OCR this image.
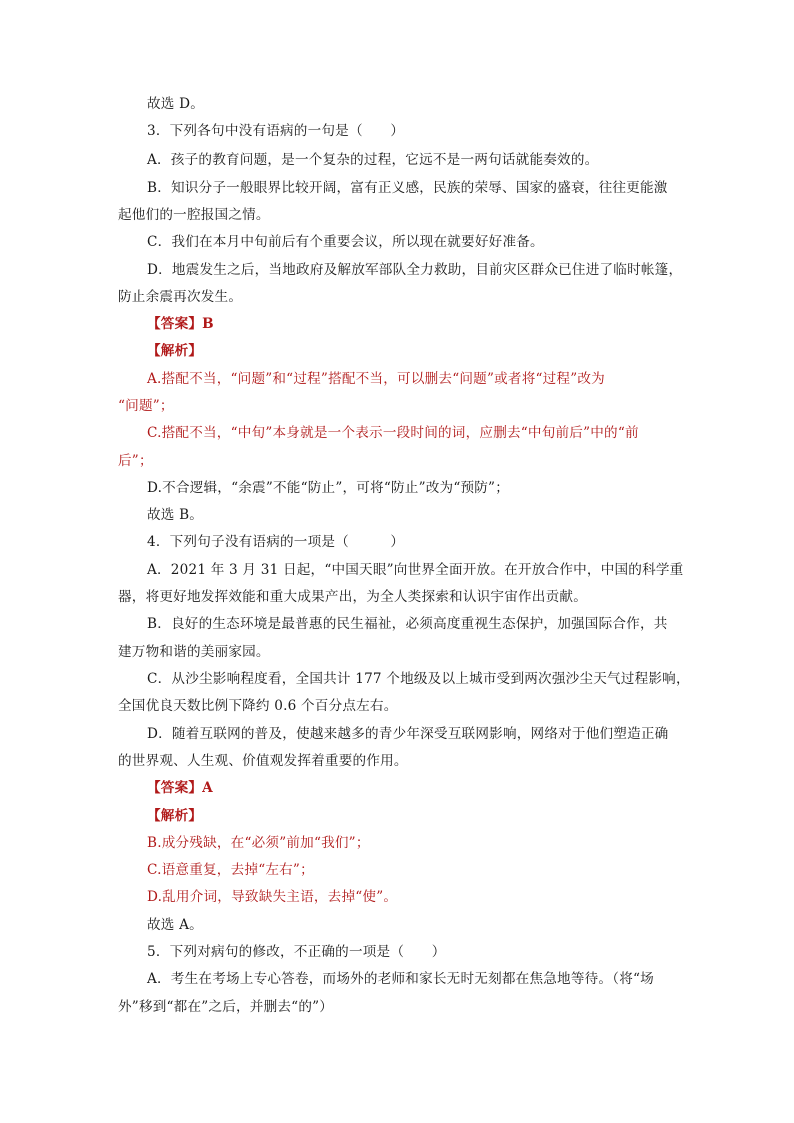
故选 D。
3．下列各句中没有语病的一句是（　　）
A．孩子的教育问题，是一个复杂的过程，它远不是一两句话就能奏效的。
B．知识分子一般眼界比较开阔，富有正义感，民族的荣辱、国家的盛衰，往往更能激
起他们的一腔报国之情。
C．我们在本月中旬前后有个重要会议，所以现在就要好好准备。
D．地震发生之后，当地政府及解放军部队全力救助，目前灾区群众已住进了临时帐篷，
防止余震再次发生。
【答案】B
【解析】
A.搭配不当，“问题”和“过程”搭配不当，可以删去“问题”或者将“过程”改为
“问题”；
C.搭配不当，“中旬”本身就是一个表示一段时间的词，应删去“中旬前后”中的“前
后”；
D.不合逻辑，“余震”不能“防止”，可将“防止”改为“预防”；
故选 B。
4．下列句子没有语病的一项是（　　　）
A．2021 年 3 月 31 日起，“中国天眼”向世界全面开放。在开放合作中，中国的科学重
器，将更好地发挥效能和重大成果产出，为全人类探索和认识宇宙作出贡献。
B．良好的生态环境是最普惠的民生福祉，必须高度重视生态保护，加强国际合作，共
建万物和谐的美丽家园。
C．从沙尘影响程度看，全国共计 177 个地级及以上城市受到两次强沙尘天气过程影响，
全国优良天数比例下降约 0.6 个百分点左右。
D．随着互联网的普及，使越来越多的青少年深受互联网影响，网络对于他们塑造正确
的世界观、人生观、价值观发挥着重要的作用。
【答案】A
【解析】
B.成分残缺，在“必须”前加“我们”；
C.语意重复，去掉“左右”；
D.乱用介词，导致缺失主语，去掉“使”。
故选 A。
5．下列对病句的修改，不正确的一项是（　　）
A．考生在考场上专心答卷，而场外的老师和家长无时无刻都在焦急地等待。（将“场
外”移到“都在”之后，并删去“的”）
